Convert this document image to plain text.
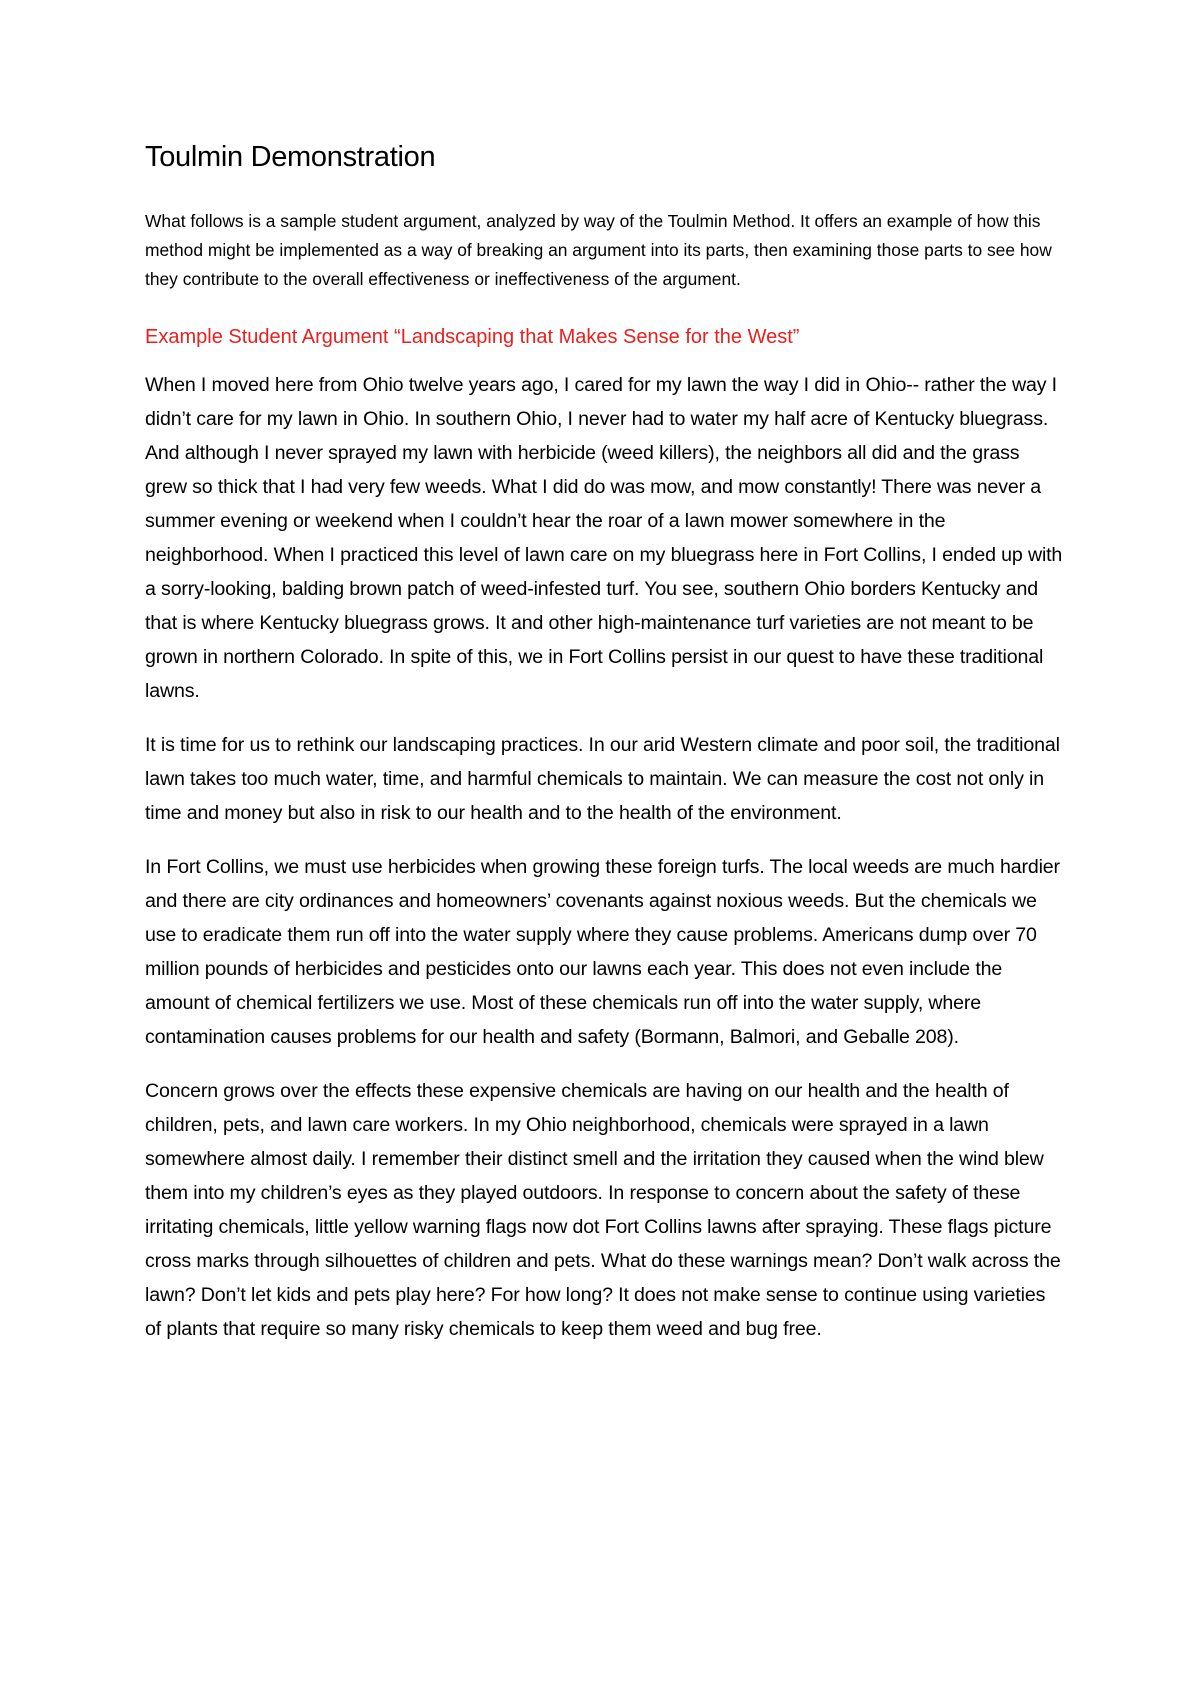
Toulmin Demonstration

What follows is a sample student argument, analyzed by way of the Toulmin Method. It offers an example of how this method might be implemented as a way of breaking an argument into its parts, then examining those parts to see how they contribute to the overall effectiveness or ineffectiveness of the argument.

Example Student Argument “Landscaping that Makes Sense for the West”

When I moved here from Ohio twelve years ago, I cared for my lawn the way I did in Ohio-- rather the way I didn’t care for my lawn in Ohio. In southern Ohio, I never had to water my half acre of Kentucky bluegrass. And although I never sprayed my lawn with herbicide (weed killers), the neighbors all did and the grass grew so thick that I had very few weeds. What I did do was mow, and mow constantly! There was never a summer evening or weekend when I couldn’t hear the roar of a lawn mower somewhere in the neighborhood. When I practiced this level of lawn care on my bluegrass here in Fort Collins, I ended up with a sorry-looking, balding brown patch of weed-infested turf. You see, southern Ohio borders Kentucky and that is where Kentucky bluegrass grows. It and other high-maintenance turf varieties are not meant to be grown in northern Colorado. In spite of this, we in Fort Collins persist in our quest to have these traditional lawns.

It is time for us to rethink our landscaping practices. In our arid Western climate and poor soil, the traditional lawn takes too much water, time, and harmful chemicals to maintain. We can measure the cost not only in time and money but also in risk to our health and to the health of the environment.

In Fort Collins, we must use herbicides when growing these foreign turfs. The local weeds are much hardier and there are city ordinances and homeowners’ covenants against noxious weeds. But the chemicals we use to eradicate them run off into the water supply where they cause problems. Americans dump over 70 million pounds of herbicides and pesticides onto our lawns each year. This does not even include the amount of chemical fertilizers we use. Most of these chemicals run off into the water supply, where contamination causes problems for our health and safety (Bormann, Balmori, and Geballe 208).

Concern grows over the effects these expensive chemicals are having on our health and the health of children, pets, and lawn care workers. In my Ohio neighborhood, chemicals were sprayed in a lawn somewhere almost daily. I remember their distinct smell and the irritation they caused when the wind blew them into my children’s eyes as they played outdoors. In response to concern about the safety of these irritating chemicals, little yellow warning flags now dot Fort Collins lawns after spraying. These flags picture cross marks through silhouettes of children and pets. What do these warnings mean? Don’t walk across the lawn? Don’t let kids and pets play here? For how long? It does not make sense to continue using varieties of plants that require so many risky chemicals to keep them weed and bug free.
